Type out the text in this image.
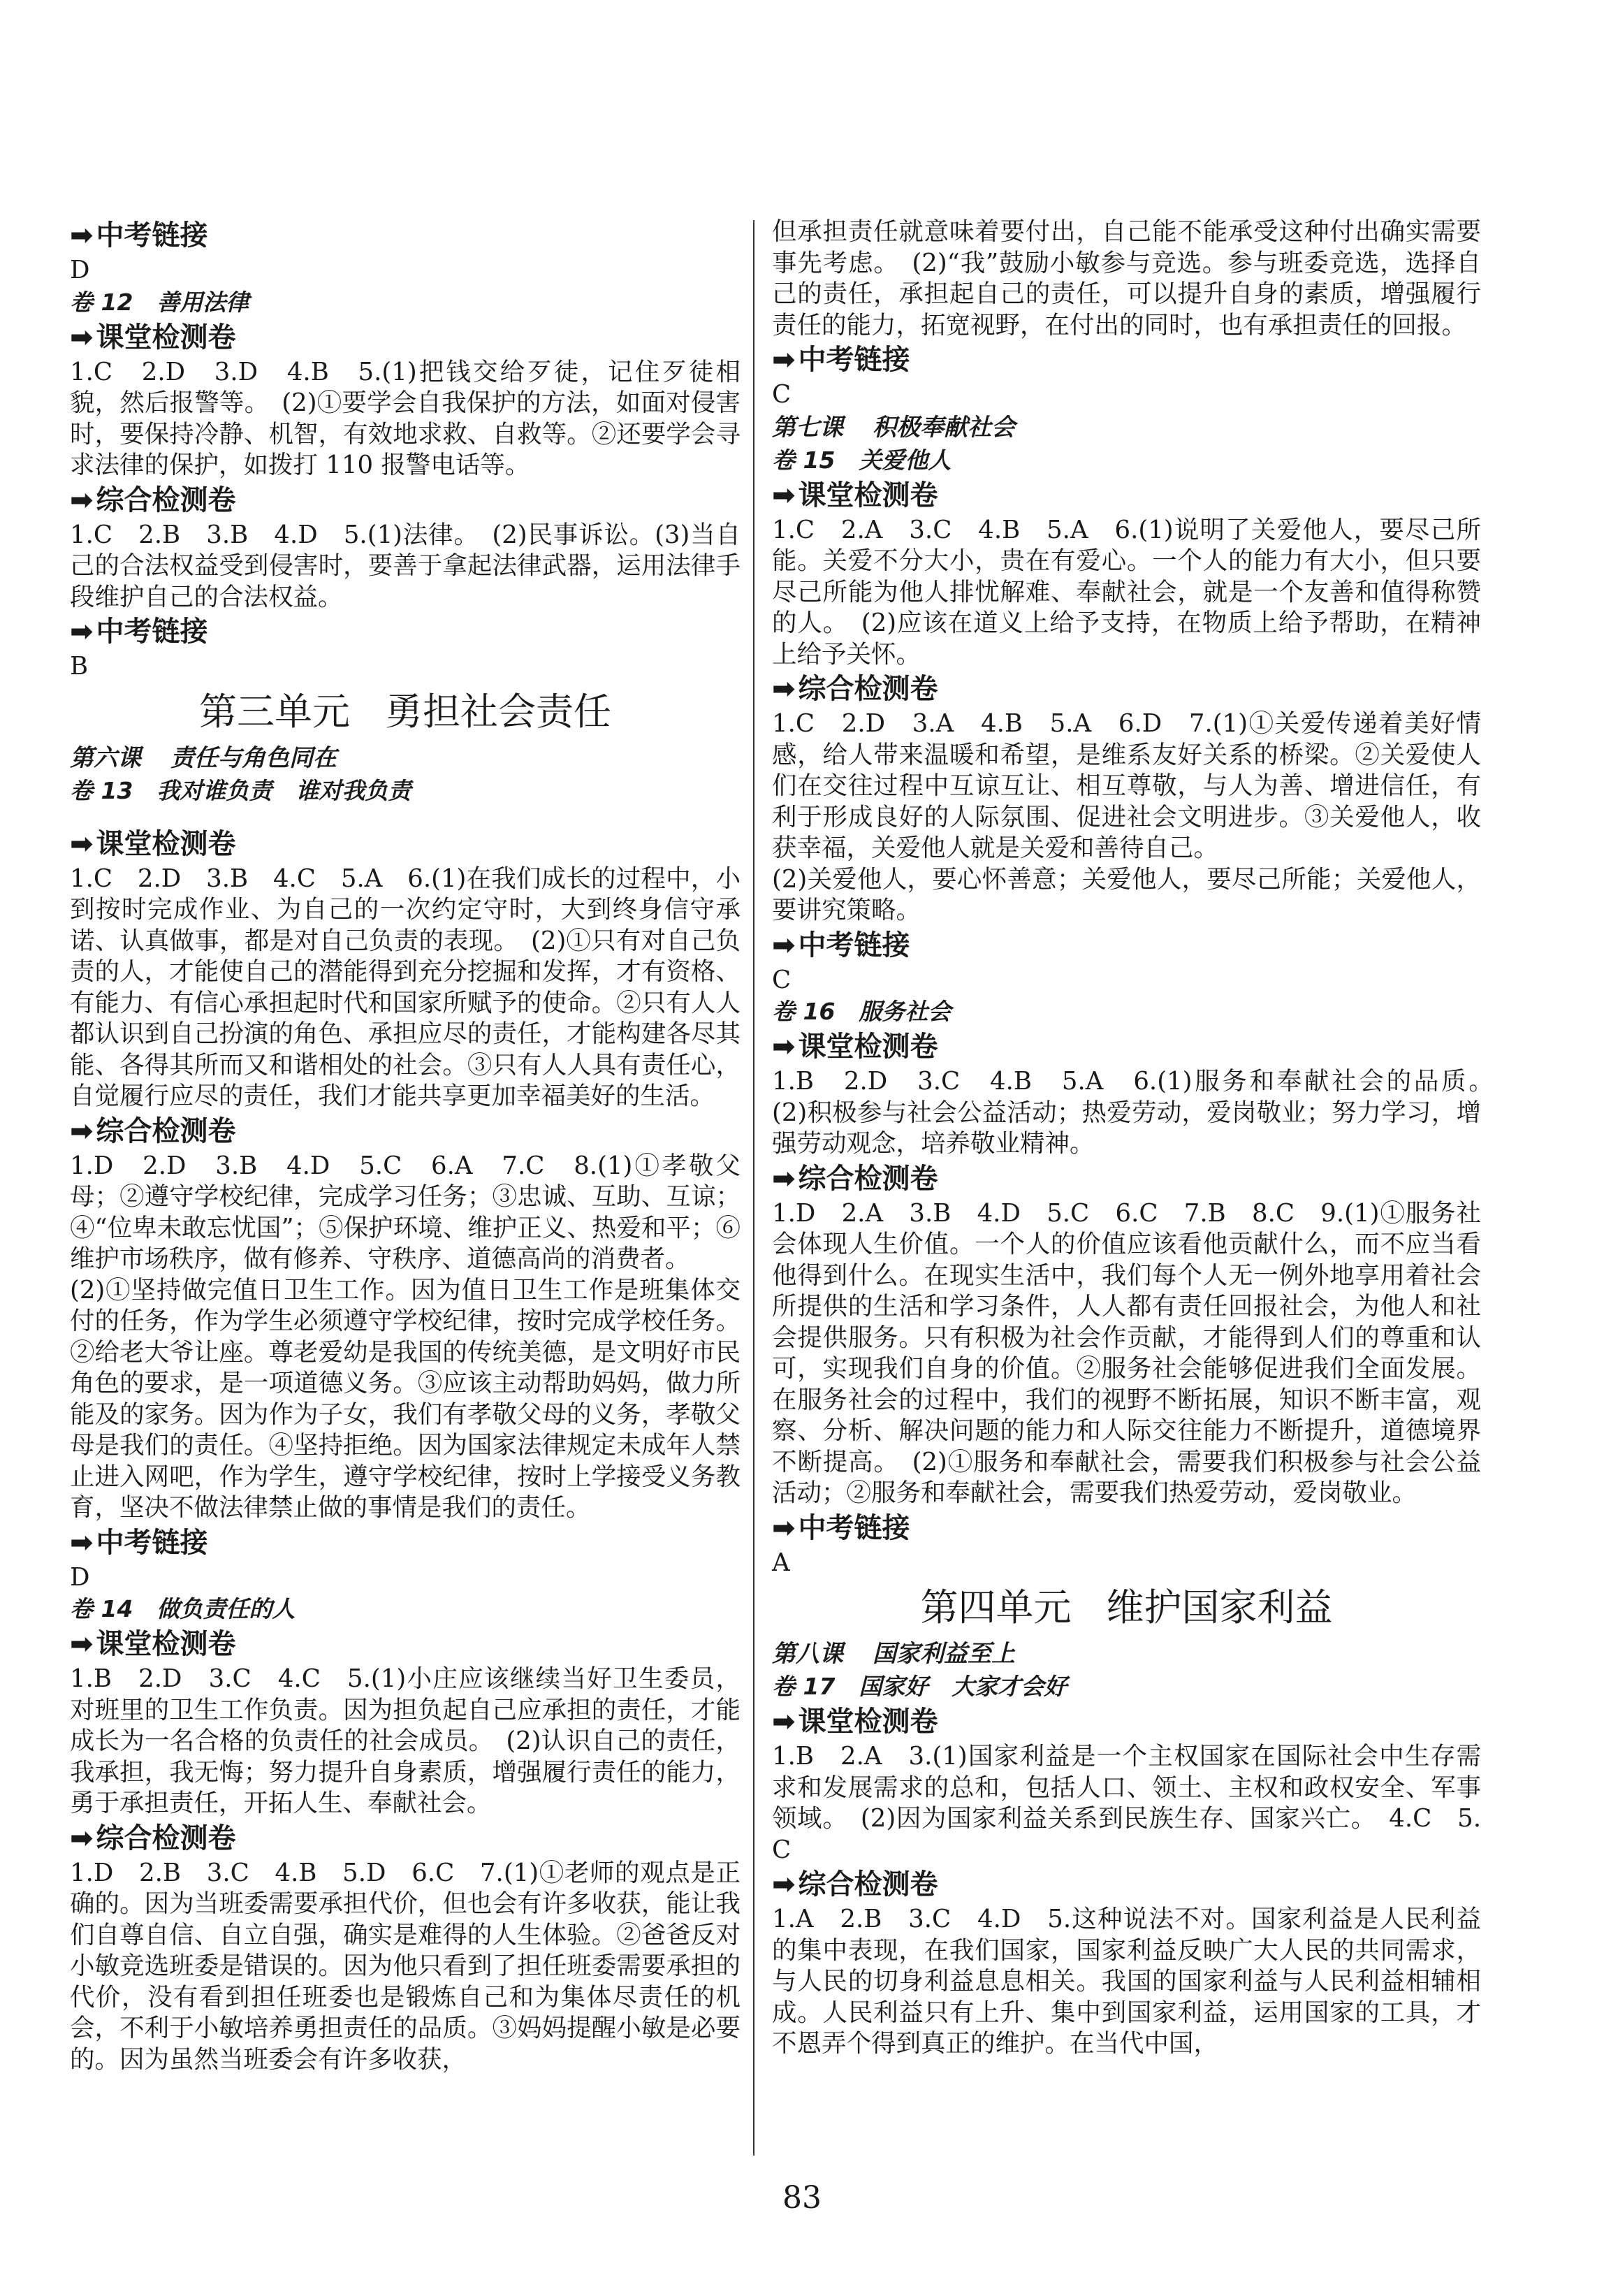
➡ 中考链接

D

卷 12 善用法律

➡ 课堂检测卷

1.C　2.D　3.D　4.B　5.(1)把钱交给歹徒，记住歹徒相貌，然后报警等。　(2)①要学会自我保护的方法，如面对侵害时，要保持冷静、机智，有效地求救、自救等。②还要学会寻求法律的保护，如拨打 110 报警电话等。

➡ 综合检测卷

1.C　2.B　3.B　4.D　5.(1)法律。　(2)民事诉讼。(3)当自己的合法权益受到侵害时，要善于拿起法律武器，运用法律手段维护自己的合法权益。

➡ 中考链接

B

第三单元 勇担社会责任

第六课 责任与角色同在

卷 13 我对谁负责 谁对我负责

➡ 课堂检测卷

1.C　2.D　3.B　4.C　5.A　6.(1)在我们成长的过程中，小到按时完成作业、为自己的一次约定守时，大到终身信守承诺、认真做事，都是对自己负责的表现。　(2)①只有对自己负责的人，才能使自己的潜能得到充分挖掘和发挥，才有资格、有能力、有信心承担起时代和国家所赋予的使命。②只有人人都认识到自己扮演的角色、承担应尽的责任，才能构建各尽其能、各得其所而又和谐相处的社会。③只有人人具有责任心，自觉履行应尽的责任，我们才能共享更加幸福美好的生活。

➡ 综合检测卷

1.D　2.D　3.B　4.D　5.C　6.A　7.C　8.(1)①孝敬父母；②遵守学校纪律，完成学习任务；③忠诚、互助、互谅；④“位卑未敢忘忧国”；⑤保护环境、维护正义、热爱和平；⑥维护市场秩序，做有修养、守秩序、道德高尚的消费者。

(2)①坚持做完值日卫生工作。因为值日卫生工作是班集体交付的任务，作为学生必须遵守学校纪律，按时完成学校任务。②给老大爷让座。尊老爱幼是我国的传统美德，是文明好市民角色的要求，是一项道德义务。③应该主动帮助妈妈，做力所能及的家务。因为作为子女，我们有孝敬父母的义务，孝敬父母是我们的责任。④坚持拒绝。因为国家法律规定未成年人禁止进入网吧，作为学生，遵守学校纪律，按时上学接受义务教育，坚决不做法律禁止做的事情是我们的责任。

➡ 中考链接

D

卷 14 做负责任的人

➡ 课堂检测卷

1.B　2.D　3.C　4.C　5.(1)小庄应该继续当好卫生委员，对班里的卫生工作负责。因为担负起自己应承担的责任，才能成长为一名合格的负责任的社会成员。　(2)认识自己的责任，我承担，我无悔；努力提升自身素质，增强履行责任的能力，勇于承担责任，开拓人生、奉献社会。

➡ 综合检测卷

1.D　2.B　3.C　4.B　5.D　6.C　7.(1)①老师的观点是正确的。因为当班委需要承担代价，但也会有许多收获，能让我们自尊自信、自立自强，确实是难得的人生体验。②爸爸反对小敏竞选班委是错误的。因为他只看到了担任班委需要承担的代价，没有看到担任班委也是锻炼自己和为集体尽责任的机会，不利于小敏培养勇担责任的品质。③妈妈提醒小敏是必要的。因为虽然当班委会有许多收获，

但承担责任就意味着要付出，自己能不能承受这种付出确实需要事先考虑。　(2)“我”鼓励小敏参与竞选。参与班委竞选，选择自己的责任，承担起自己的责任，可以提升自身的素质，增强履行责任的能力，拓宽视野，在付出的同时，也有承担责任的回报。

➡ 中考链接

C

第七课 积极奉献社会

卷 15 关爱他人

➡ 课堂检测卷

1.C　2.A　3.C　4.B　5.A　6.(1)说明了关爱他人，要尽己所能。关爱不分大小，贵在有爱心。一个人的能力有大小，但只要尽己所能为他人排忧解难、奉献社会，就是一个友善和值得称赞的人。　(2)应该在道义上给予支持，在物质上给予帮助，在精神上给予关怀。

➡ 综合检测卷

1.C　2.D　3.A　4.B　5.A　6.D　7.(1)①关爱传递着美好情感，给人带来温暖和希望，是维系友好关系的桥梁。②关爱使人们在交往过程中互谅互让、相互尊敬，与人为善、增进信任，有利于形成良好的人际氛围、促进社会文明进步。③关爱他人，收获幸福，关爱他人就是关爱和善待自己。

(2)关爱他人，要心怀善意；关爱他人，要尽己所能；关爱他人，要讲究策略。

➡ 中考链接

C

卷 16 服务社会

➡ 课堂检测卷

1.B　2.D　3.C　4.B　5.A　6.(1)服务和奉献社会的品质。　(2)积极参与社会公益活动；热爱劳动，爱岗敬业；努力学习，增强劳动观念，培养敬业精神。

➡ 综合检测卷

1.D　2.A　3.B　4.D　5.C　6.C　7.B　8.C　9.(1)①服务社会体现人生价值。一个人的价值应该看他贡献什么，而不应当看他得到什么。在现实生活中，我们每个人无一例外地享用着社会所提供的生活和学习条件，人人都有责任回报社会，为他人和社会提供服务。只有积极为社会作贡献，才能得到人们的尊重和认可，实现我们自身的价值。②服务社会能够促进我们全面发展。在服务社会的过程中，我们的视野不断拓展，知识不断丰富，观察、分析、解决问题的能力和人际交往能力不断提升，道德境界不断提高。　(2)①服务和奉献社会，需要我们积极参与社会公益活动；②服务和奉献社会，需要我们热爱劳动，爱岗敬业。

➡ 中考链接

A

第四单元 维护国家利益

第八课 国家利益至上

卷 17 国家好 大家才会好

➡ 课堂检测卷

1.B　2.A　3.(1)国家利益是一个主权国家在国际社会中生存需求和发展需求的总和，包括人口、领土、主权和政权安全、军事领域。　(2)因为国家利益关系到民族生存、国家兴亡。　4.C　5.C

➡ 综合检测卷

1.A　2.B　3.C　4.D　5.这种说法不对。国家利益是人民利益的集中表现，在我们国家，国家利益反映广大人民的共同需求，与人民的切身利益息息相关。我国的国家利益与人民利益相辅相成。人民利益只有上升、集中到国家利益，运用国家的工具，才不恩弄个得到真正的维护。在当代中国，

83
